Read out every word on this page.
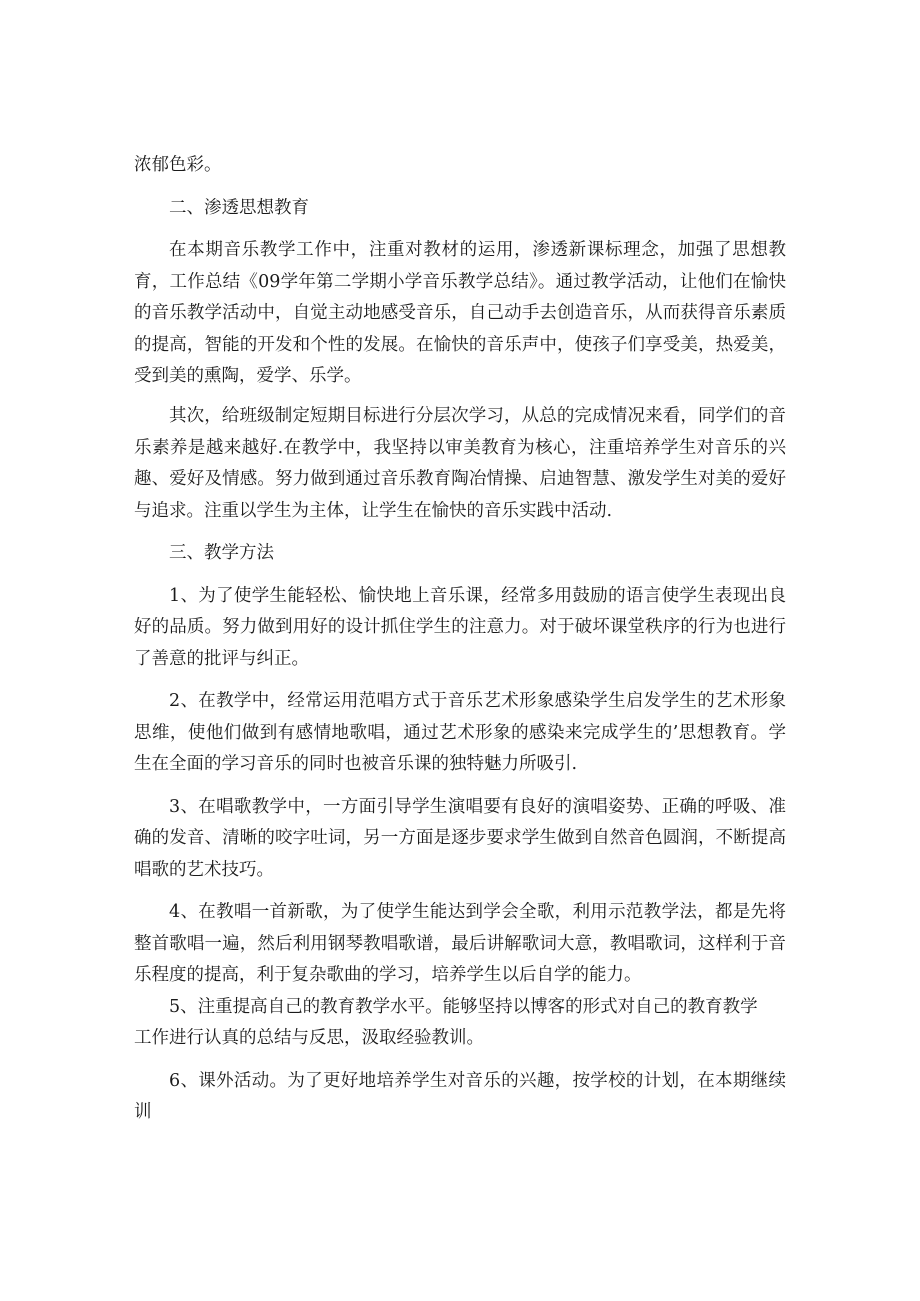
浓郁色彩。

二、渗透思想教育

在本期音乐教学工作中，注重对教材的运用，渗透新课标理念，加强了思想教育，工作总结《09学年第二学期小学音乐教学总结》。通过教学活动，让他们在愉快的音乐教学活动中，自觉主动地感受音乐，自己动手去创造音乐，从而获得音乐素质的提高，智能的开发和个性的发展。在愉快的音乐声中，使孩子们享受美，热爱美，受到美的熏陶，爱学、乐学。

其次，给班级制定短期目标进行分层次学习，从总的完成情况来看，同学们的音乐素养是越来越好.在教学中，我坚持以审美教育为核心，注重培养学生对音乐的兴趣、爱好及情感。努力做到通过音乐教育陶冶情操、启迪智慧、激发学生对美的爱好与追求。注重以学生为主体，让学生在愉快的音乐实践中活动.

三、教学方法

1、为了使学生能轻松、愉快地上音乐课，经常多用鼓励的语言使学生表现出良好的品质。努力做到用好的设计抓住学生的注意力。对于破坏课堂秩序的行为也进行了善意的批评与纠正。

2、在教学中，经常运用范唱方式于音乐艺术形象感染学生启发学生的艺术形象思维，使他们做到有感情地歌唱，通过艺术形象的感染来完成学生的’思想教育。学生在全面的学习音乐的同时也被音乐课的独特魅力所吸引.

3、在唱歌教学中，一方面引导学生演唱要有良好的演唱姿势、正确的呼吸、准确的发音、清晰的咬字吐词，另一方面是逐步要求学生做到自然音色圆润，不断提高唱歌的艺术技巧。

4、在教唱一首新歌，为了使学生能达到学会全歌，利用示范教学法，都是先将整首歌唱一遍，然后利用钢琴教唱歌谱，最后讲解歌词大意，教唱歌词，这样利于音乐程度的提高，利于复杂歌曲的学习，培养学生以后自学的能力。

5、注重提高自己的教育教学水平。能够坚持以博客的形式对自己的教育教学

工作进行认真的总结与反思，汲取经验教训。

6、课外活动。为了更好地培养学生对音乐的兴趣，按学校的计划，在本期继续训
